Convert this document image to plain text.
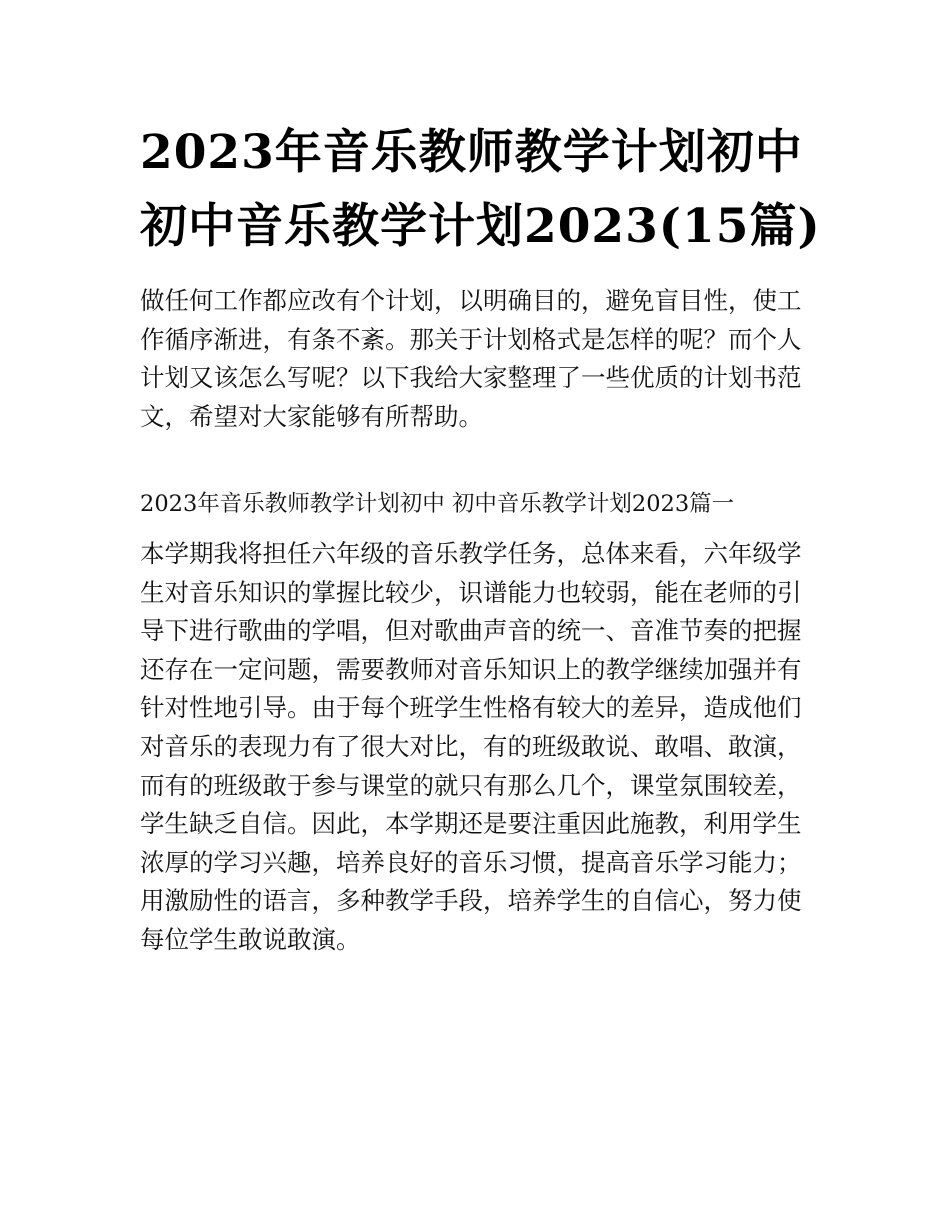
2023年音乐教师教学计划初中
初中音乐教学计划2023(15篇)
做任何工作都应改有个计划，以明确目的，避免盲目性，使工
作循序渐进，有条不紊。那关于计划格式是怎样的呢？而个人
计划又该怎么写呢？以下我给大家整理了一些优质的计划书范
文，希望对大家能够有所帮助。
2023年音乐教师教学计划初中 初中音乐教学计划2023篇一
本学期我将担任六年级的音乐教学任务，总体来看，六年级学
生对音乐知识的掌握比较少，识谱能力也较弱，能在老师的引
导下进行歌曲的学唱，但对歌曲声音的统一、音准节奏的把握
还存在一定问题，需要教师对音乐知识上的教学继续加强并有
针对性地引导。由于每个班学生性格有较大的差异，造成他们
对音乐的表现力有了很大对比，有的班级敢说、敢唱、敢演，
而有的班级敢于参与课堂的就只有那么几个，课堂氛围较差，
学生缺乏自信。因此，本学期还是要注重因此施教，利用学生
浓厚的学习兴趣，培养良好的音乐习惯，提高音乐学习能力；
用激励性的语言，多种教学手段，培养学生的自信心，努力使
每位学生敢说敢演。
